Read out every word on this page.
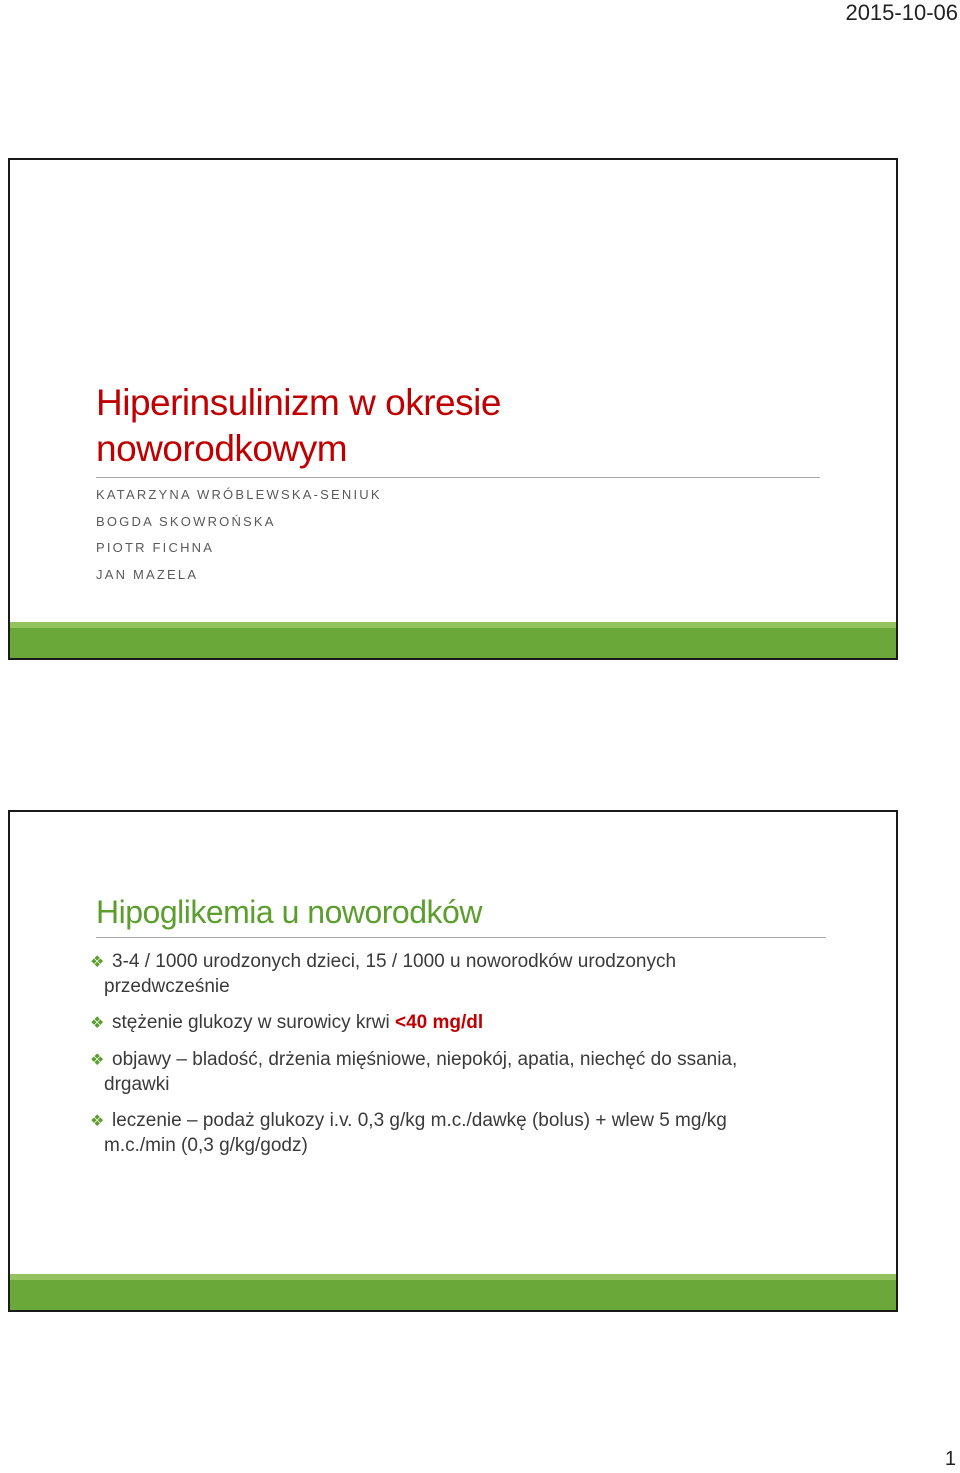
2015-10-06
Hiperinsulinizm w okresie
noworodkowym
KATARZYNA WRÓBLEWSKA-SENIUK
BOGDA SKOWROŃSKA
PIOTR FICHNA
JAN MAZELA
Hipoglikemia u noworodków
❖ 3-4 / 1000 urodzonych dzieci, 15 / 1000 u noworodków urodzonych przedwcześnie
❖ stężenie glukozy w surowicy krwi <40 mg/dl
❖ objawy – bladość, drżenia mięśniowe, niepokój, apatia, niechęć do ssania, drgawki
❖ leczenie – podaż glukozy i.v. 0,3 g/kg m.c./dawkę (bolus) + wlew 5 mg/kg m.c./min (0,3 g/kg/godz)
1
